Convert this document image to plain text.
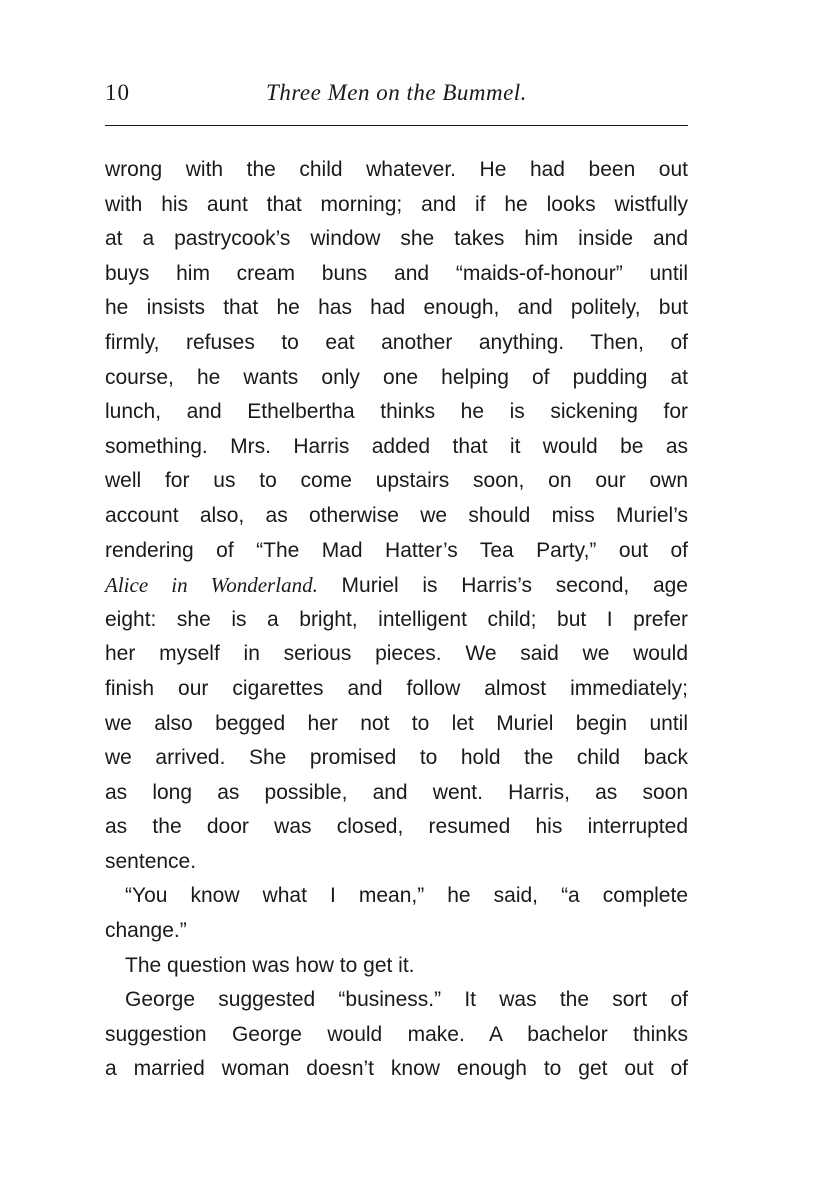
10	Three Men on the Bummel.
wrong with the child whatever. He had been out
with his aunt that morning; and if he looks wistfully
at a pastrycook’s window she takes him inside and
buys him cream buns and “maids-of-honour” until
he insists that he has had enough, and politely, but
firmly, refuses to eat another anything. Then, of
course, he wants only one helping of pudding at
lunch, and Ethelbertha thinks he is sickening for
something. Mrs. Harris added that it would be as
well for us to come upstairs soon, on our own
account also, as otherwise we should miss Muriel’s
rendering of “The Mad Hatter’s Tea Party,” out of
Alice in Wonderland. Muriel is Harris’s second, age
eight: she is a bright, intelligent child; but I prefer
her myself in serious pieces. We said we would
finish our cigarettes and follow almost immediately;
we also begged her not to let Muriel begin until
we arrived. She promised to hold the child back
as long as possible, and went. Harris, as soon
as the door was closed, resumed his interrupted
sentence.
“You know what I mean,” he said, “a complete
change.”
The question was how to get it.
George suggested “business.” It was the sort of
suggestion George would make. A bachelor thinks
a married woman doesn’t know enough to get out of
